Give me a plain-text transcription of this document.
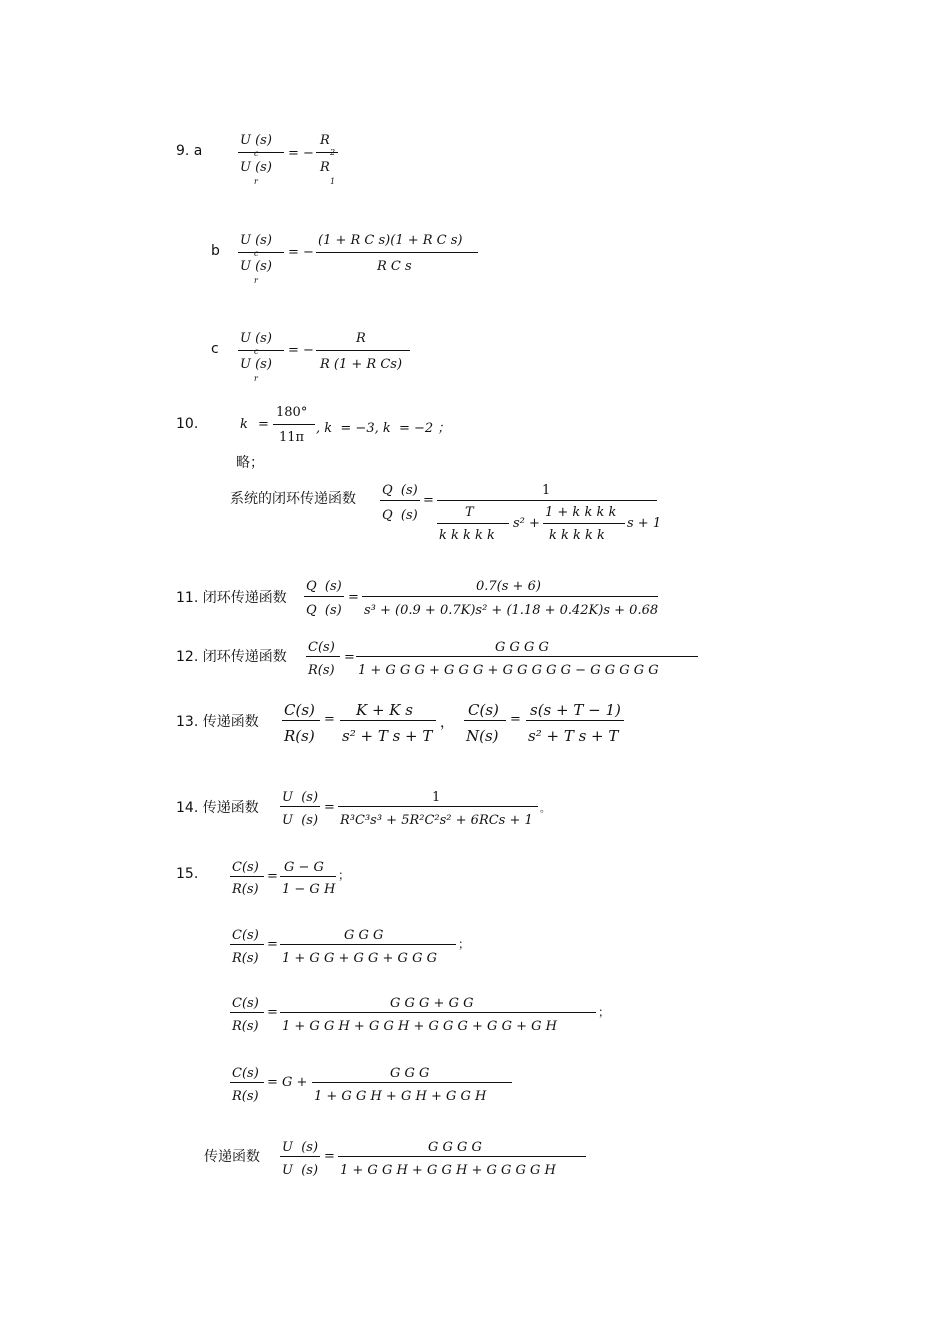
9. a
U (s)
U (s)
c
r
= −
R
2
R
1
b
U (s)
U (s)
c
r
= −
(1 + R C s)(1 + R C s)
R C s
c
U (s)
U (s)
c
r
= −
R
R (1 + R Cs)
10.	k =
180°
11π
, k  = −3, k  = −2 ；
略；
系统的闭环传递函数
Q  (s)
Q  (s)
=
1
T
k k k k k
s² +
1 + k k k k
k k k k k
s + 1
11. 闭环传递函数
Q  (s)
Q  (s)
=
0.7(s + 6)
s³ + (0.9 + 0.7K)s² + (1.18 + 0.42K)s + 0.68
12. 闭环传递函数
C(s)
R(s)
=
G G G G
1 + G G G + G G G + G G G G G − G G G G G
13. 传递函数
C(s)
R(s)
=
K + K s
s² + T s + T
，
C(s)
N(s)
=
s(s + T − 1)
s² + T s + T
14. 传递函数
U  (s)
U  (s)
=
1
R³C³s³ + 5R²C²s² + 6RCs + 1
。
15.	C(s)
R(s)
=
G − G
1 − G H
；
C(s)
R(s)
=
G G G
1 + G G + G G + G G G
；
C(s)
R(s)
=
G G G + G G
1 + G G H + G G H + G G G + G G + G H
；
C(s)
R(s)
= G +
G G G
1 + G G H + G H + G G H
传递函数
U  (s)
U  (s)
=
G G G G
1 + G G H + G G H + G G G G H
